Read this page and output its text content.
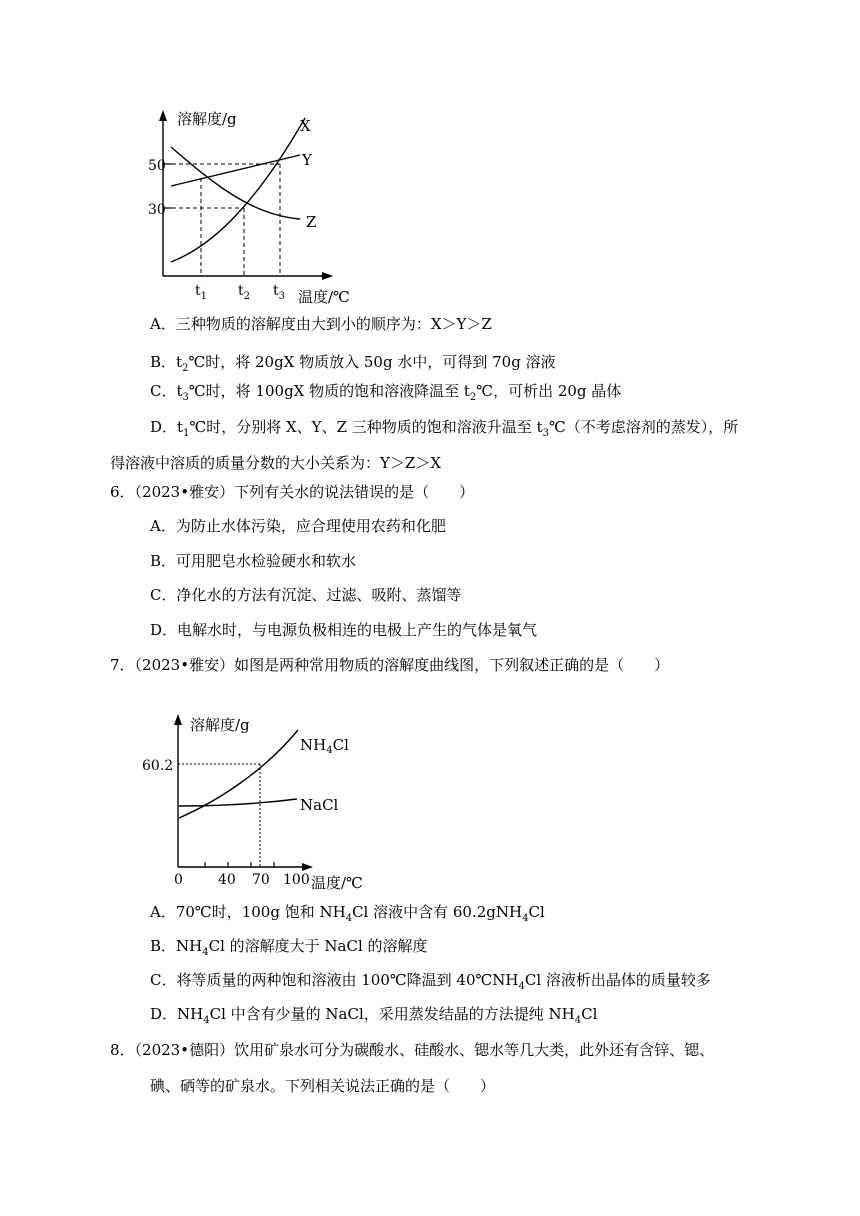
溶解度/g
温度/℃
50
30
$t_1$ $t_2$ $t_3$
X
Y
Z
A．三种物质的溶解度由大到小的顺序为：X＞Y＞Z
B．$t_2℃$时，将 20gX 物质放入 50g 水中，可得到 70g 溶液
C．$t_3℃$时，将 100gX 物质的饱和溶液降温至 $t_2℃$，可析出 20g 晶体
D．$t_1℃$时，分别将 X、Y、Z 三种物质的饱和溶液升温至 $t_3℃$（不考虑溶剂的蒸发），所
得溶液中溶质的质量分数的大小关系为：Y＞Z＞X
6．（2023•雅安）下列有关水的说法错误的是（　　）
A．为防止水体污染，应合理使用农药和化肥
B．可用肥皂水检验硬水和软水
C．净化水的方法有沉淀、过滤、吸附、蒸馏等
D．电解水时，与电源负极相连的电极上产生的气体是氧气
7．（2023•雅安）如图是两种常用物质的溶解度曲线图，下列叙述正确的是（　　）
溶解度/g
温度/℃
60.2
0	40 70 100
$NH_4Cl$
NaCl
A．70℃时，100g 饱和 $NH_4Cl$ 溶液中含有 60.2gNH$_4$Cl
B．$NH_4Cl$ 的溶解度大于 NaCl 的溶解度
C．将等质量的两种饱和溶液由 100℃降温到 $40℃NH_4Cl$ 溶液析出晶体的质量较多
D．$NH_4Cl$ 中含有少量的 NaCl，采用蒸发结晶的方法提纯 $NH_4Cl$
8．（2023•德阳）饮用矿泉水可分为碳酸水、硅酸水、锶水等几大类，此外还有含锌、锶、
碘、硒等的矿泉水。下列相关说法正确的是（　　）
